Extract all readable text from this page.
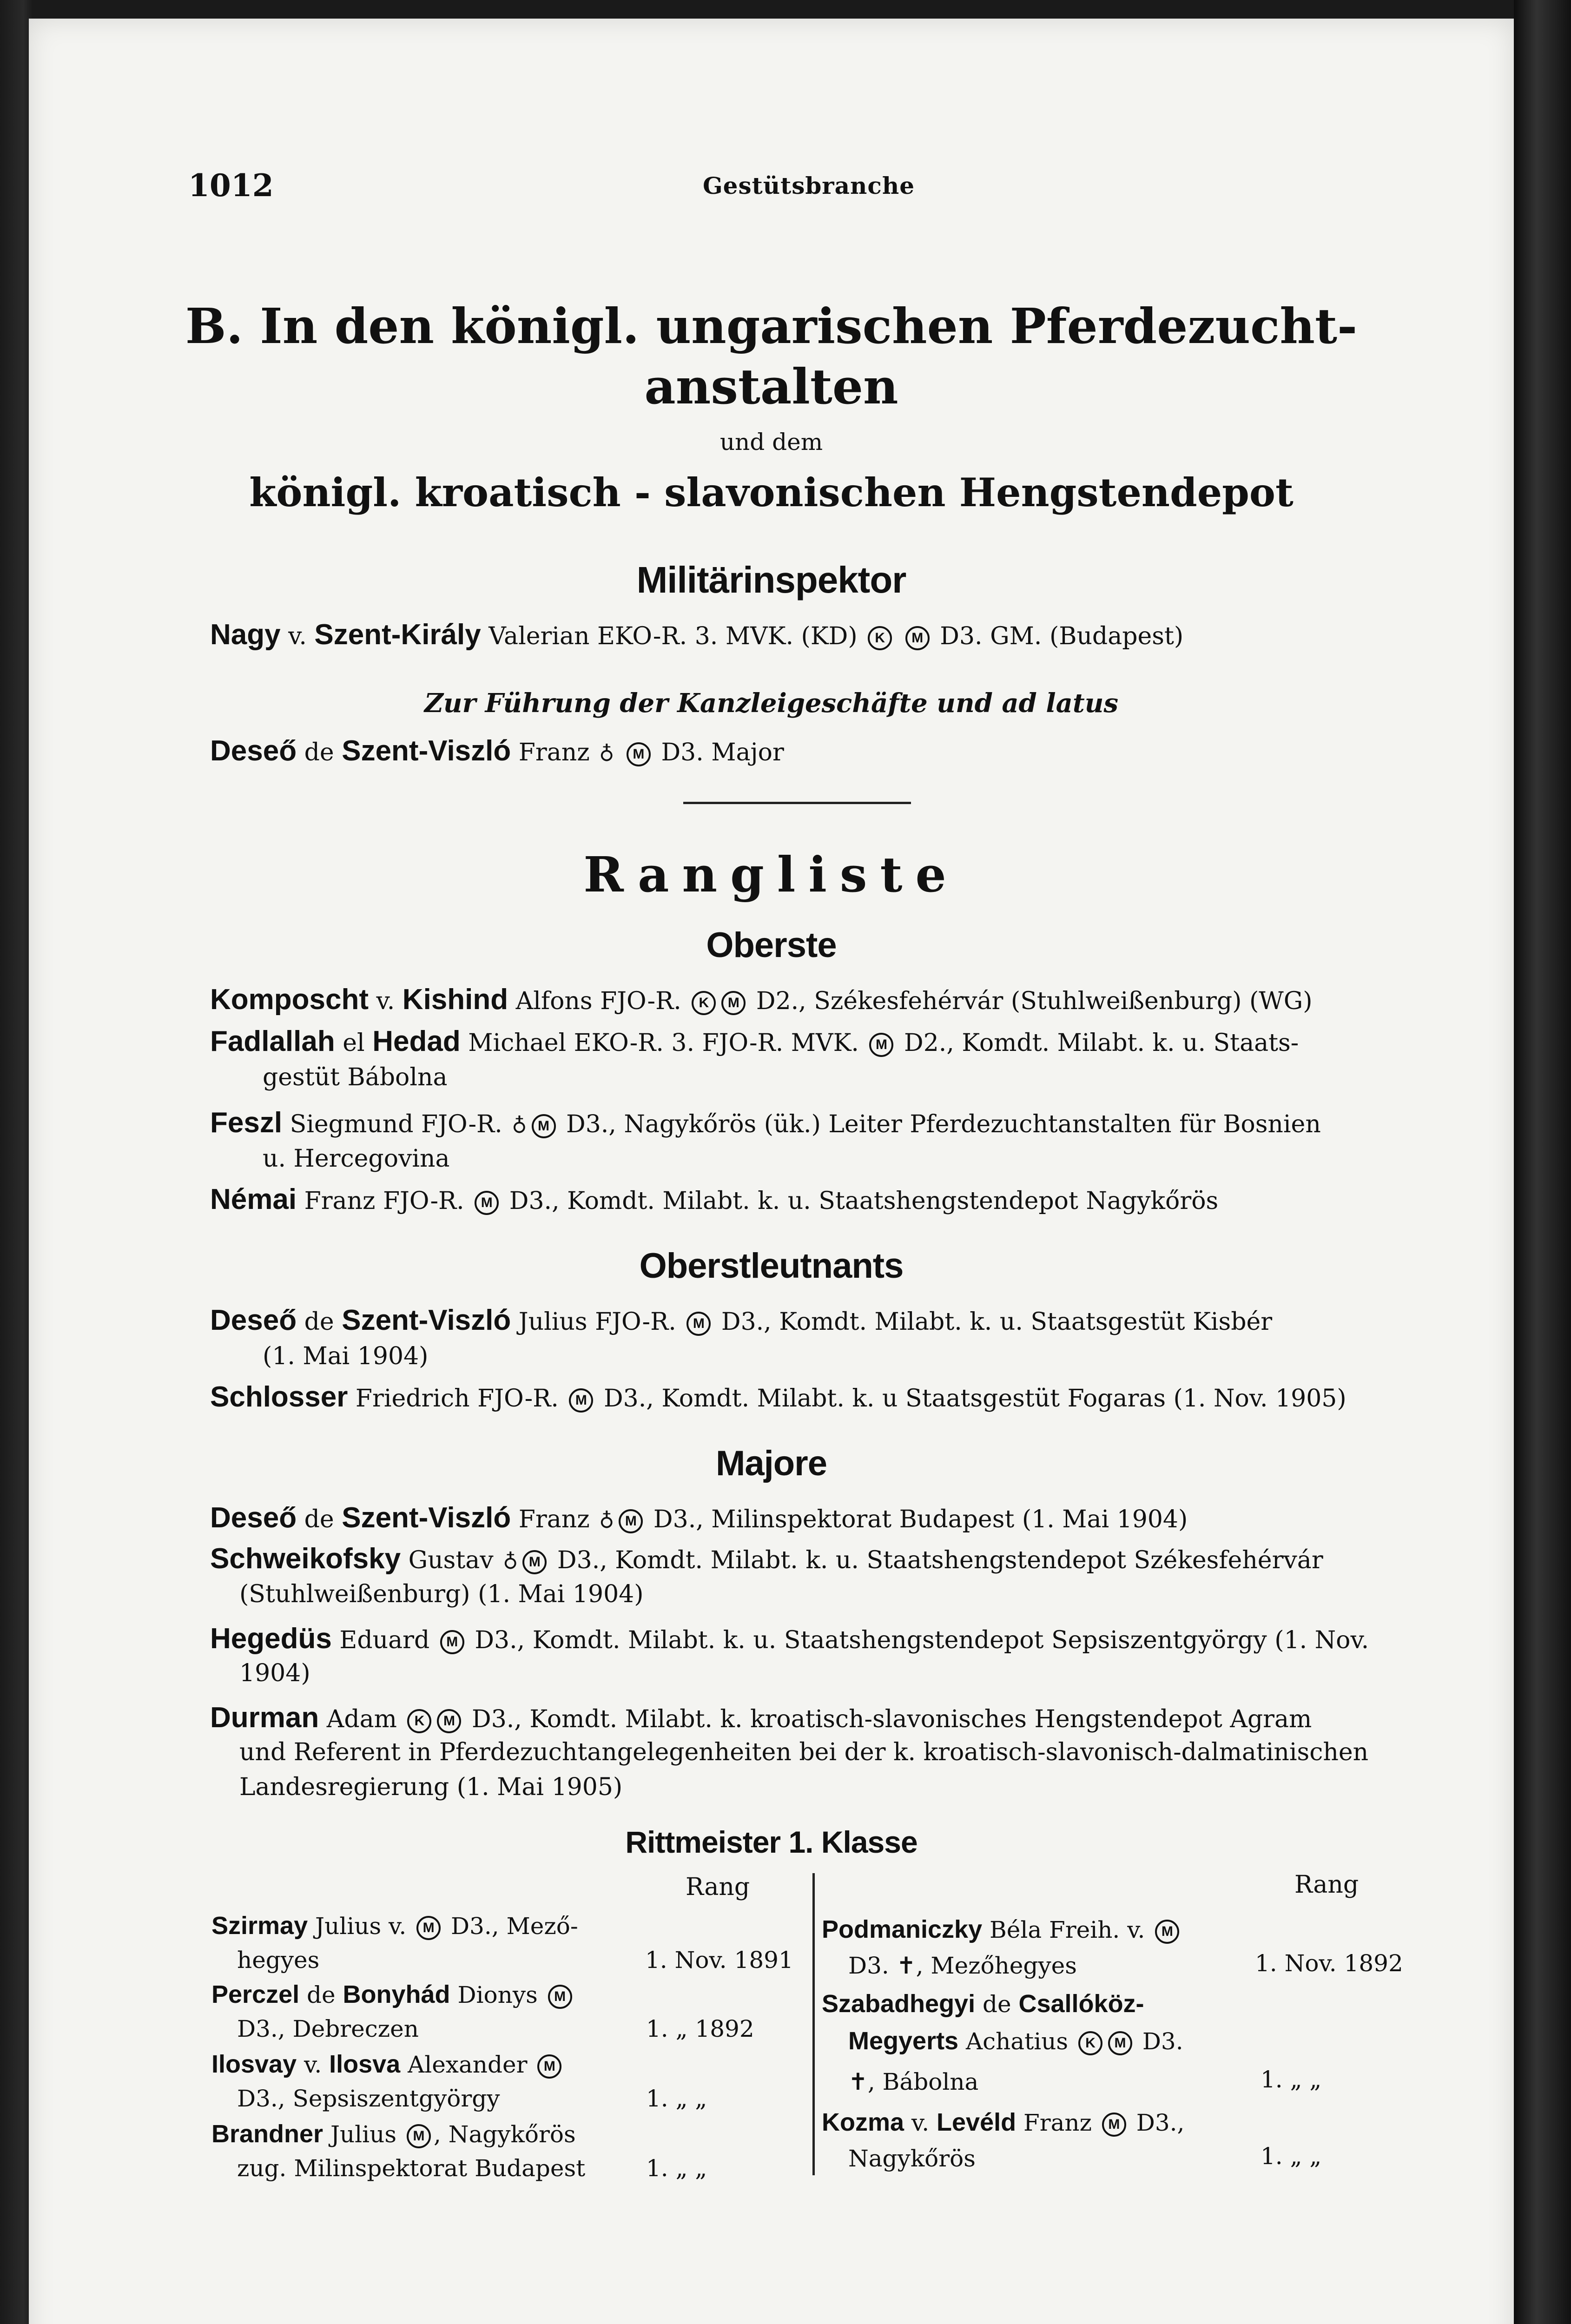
1012	Gestütsbranche
B. In den königl. ungarischen Pferdezucht-
anstalten
und dem
königl. kroatisch - slavonischen Hengstendepot
Militärinspektor
Nagy v. Szent-Király Valerian EKO-R. 3. MVK. (KD) K M D3. GM. (Budapest)
Zur Führung der Kanzleigeschäfte und ad latus
Deseő de Szent-Viszló Franz ♁ M D3. Major
Rangliste
Oberste
Komposcht v. Kishind Alfons FJO-R. K M D2., Székesfehérvár (Stuhlweißenburg) (WG)
Fadlallah el Hedad Michael EKO-R. 3. FJO-R. MVK. M D2., Komdt. Milabt. k. u. Staats-
gestüt Bábolna
Feszl Siegmund FJO-R. ♁ M D3., Nagykőrös (ük.) Leiter Pferdezuchtanstalten für Bosnien
u. Hercegovina
Némai Franz FJO-R. M D3., Komdt. Milabt. k. u. Staatshengstendepot Nagykőrös
Oberstleutnants
Deseő de Szent-Viszló Julius FJO-R. M D3., Komdt. Milabt. k. u. Staatsgestüt Kisbér
(1. Mai 1904)
Schlosser Friedrich FJO-R. M D3., Komdt. Milabt. k. u Staatsgestüt Fogaras (1. Nov. 1905)
Majore
Deseő de Szent-Viszló Franz ♁ M D3., Milinspektorat Budapest (1. Mai 1904)
Schweikofsky Gustav ♁ M D3., Komdt. Milabt. k. u. Staatshengstendepot Székesfehérvár
(Stuhlweißenburg) (1. Mai 1904)
Hegedüs Eduard M D3., Komdt. Milabt. k. u. Staatshengstendepot Sepsiszentgyörgy (1. Nov.
1904)
Durman Adam K M D3., Komdt. Milabt. k. kroatisch-slavonisches Hengstendepot Agram
und Referent in Pferdezuchtangelegenheiten bei der k. kroatisch-slavonisch-dalmatinischen
Landesregierung (1. Mai 1905)
Rittmeister 1. Klasse
Rang	Rang
Szirmay Julius v. M D3., Mező-
hegyes	1. Nov. 1891
Perczel de Bonyhád Dionys M
D3., Debreczen	1. „ 1892
Ilosvay v. Ilosva Alexander M
D3., Sepsiszentgyörgy	1. „ „
Brandner Julius M , Nagykőrös
zug. Milinspektorat Budapest	1. „ „
Podmaniczky Béla Freih. v. M
D3. ✝, Mezőhegyes	1. Nov. 1892
Szabadhegyi de Csallóköz-
Megyerts Achatius K M D3.
✝, Bábolna	1. „ „
Kozma v. Levéld Franz M D3.,
Nagykőrös	1. „ „
